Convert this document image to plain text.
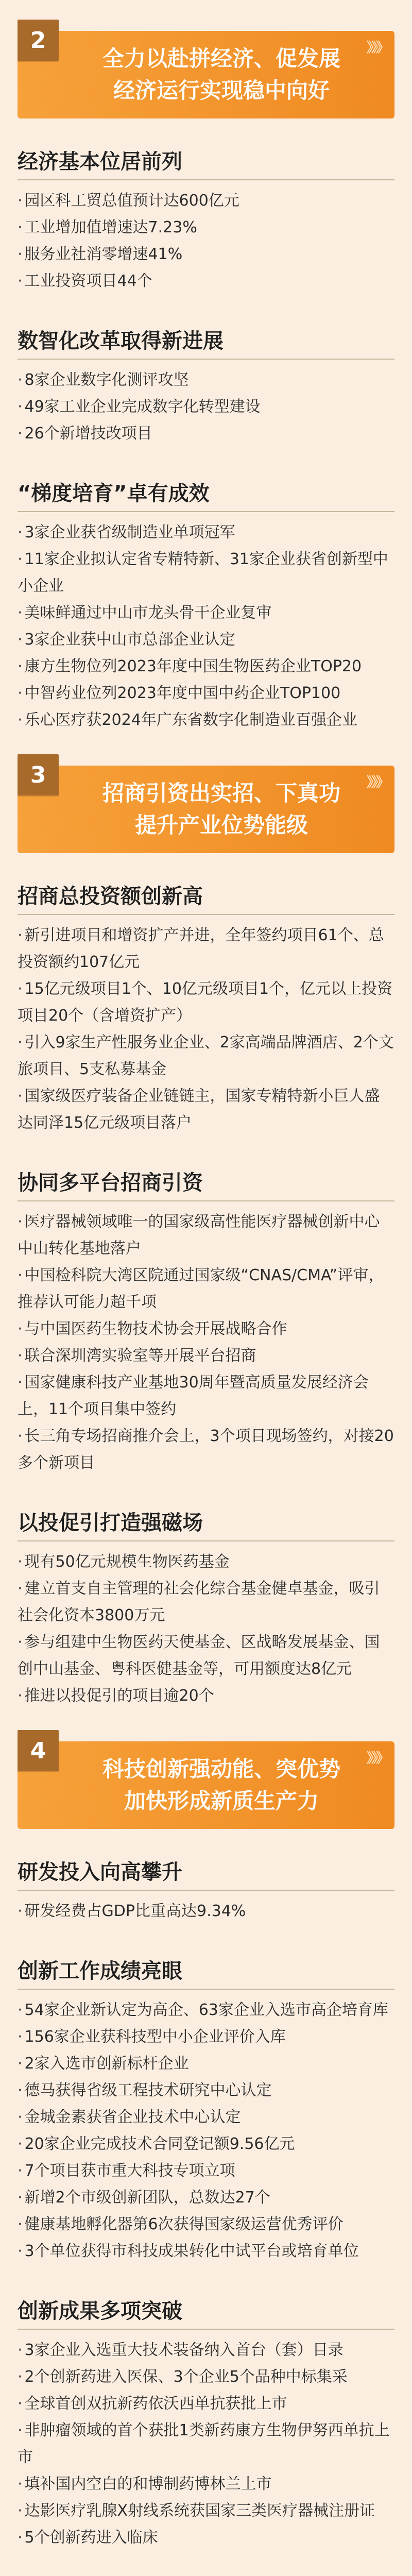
2	》》》
全力以赴拼经济、促发展
经济运行实现稳中向好
经济基本位居前列
· 园区科工贸总值预计达600亿元
· 工业增加值增速达7.23%
· 服务业社消零增速41%
· 工业投资项目44个
数智化改革取得新进展
· 8家企业数字化测评攻坚
· 49家工业企业完成数字化转型建设
· 26个新增技改项目
“梯度培育”卓有成效
· 3家企业获省级制造业单项冠军
· 11家企业拟认定省专精特新、31家企业获省创新型中小企业
· 美味鲜通过中山市龙头骨干企业复审
· 3家企业获中山市总部企业认定
· 康方生物位列2023年度中国生物医药企业TOP20
· 中智药业位列2023年度中国中药企业TOP100
· 乐心医疗获2024年广东省数字化制造业百强企业
3	》》》
招商引资出实招、下真功
提升产业位势能级
招商总投资额创新高
· 新引进项目和增资扩产并进，全年签约项目61个、总投资额约107亿元
· 15亿元级项目1个、10亿元级项目1个，亿元以上投资项目20个（含增资扩产）
· 引入9家生产性服务业企业、2家高端品牌酒店、2个文旅项目、5支私募基金
· 国家级医疗装备企业链链主，国家专精特新小巨人盛达同泽15亿元级项目落户
协同多平台招商引资
· 医疗器械领域唯一的国家级高性能医疗器械创新中心中山转化基地落户
· 中国检科院大湾区院通过国家级“CNAS/CMA”评审，推荐认可能力超千项
· 与中国医药生物技术协会开展战略合作
· 联合深圳湾实验室等开展平台招商
· 国家健康科技产业基地30周年暨高质量发展经济会上，11个项目集中签约
· 长三角专场招商推介会上，3个项目现场签约，对接20多个新项目
以投促引打造强磁场
· 现有50亿元规模生物医药基金
· 建立首支自主管理的社会化综合基金健卓基金，吸引社会化资本3800万元
· 参与组建中生物医药天使基金、区战略发展基金、国创中山基金、粤科医健基金等，可用额度达8亿元
· 推进以投促引的项目逾20个
4	》》》
科技创新强动能、突优势
加快形成新质生产力
研发投入向高攀升
· 研发经费占GDP比重高达9.34%
创新工作成绩亮眼
· 54家企业新认定为高企、63家企业入选市高企培育库
· 156家企业获科技型中小企业评价入库
· 2家入选市创新标杆企业
· 德马获得省级工程技术研究中心认定
· 金城金素获省企业技术中心认定
· 20家企业完成技术合同登记额9.56亿元
· 7个项目获市重大科技专项立项
· 新增2个市级创新团队，总数达27个
· 健康基地孵化器第6次获得国家级运营优秀评价
· 3个单位获得市科技成果转化中试平台或培育单位
创新成果多项突破
· 3家企业入选重大技术装备纳入首台（套）目录
· 2个创新药进入医保、3个企业5个品种中标集采
· 全球首创双抗新药依沃西单抗获批上市
· 非肿瘤领域的首个获批1类新药康方生物伊努西单抗上市
· 填补国内空白的和博制药博林兰上市
· 达影医疗乳腺X射线系统获国家三类医疗器械注册证
· 5个创新药进入临床
